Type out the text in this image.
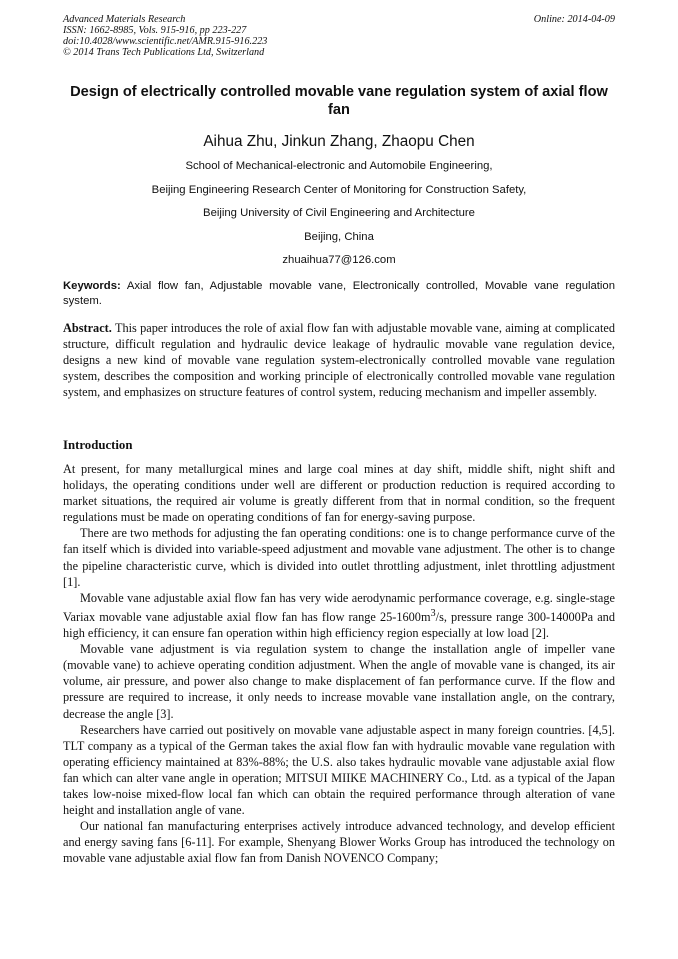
Advanced Materials Research
ISSN: 1662-8985, Vols. 915-916, pp 223-227
doi:10.4028/www.scientific.net/AMR.915-916.223
© 2014 Trans Tech Publications Ltd, Switzerland
Online: 2014-04-09
Design of electrically controlled movable vane regulation system of axial flow fan
Aihua Zhu, Jinkun Zhang, Zhaopu Chen
School of Mechanical-electronic and Automobile Engineering,
Beijing Engineering Research Center of Monitoring for Construction Safety,
Beijing University of Civil Engineering and Architecture
Beijing, China
zhuaihua77@126.com
Keywords: Axial flow fan, Adjustable movable vane, Electronically controlled, Movable vane regulation system.
Abstract. This paper introduces the role of axial flow fan with adjustable movable vane, aiming at complicated structure, difficult regulation and hydraulic device leakage of hydraulic movable vane regulation device, designs a new kind of movable vane regulation system-electronically controlled movable vane regulation system, describes the composition and working principle of electronically controlled movable vane regulation system, and emphasizes on structure features of control system, reducing mechanism and impeller assembly.
Introduction

At present, for many metallurgical mines and large coal mines at day shift, middle shift, night shift and holidays, the operating conditions under well are different or production reduction is required according to market situations, the required air volume is greatly different from that in normal condition, so the frequent regulations must be made on operating conditions of fan for energy-saving purpose.

There are two methods for adjusting the fan operating conditions: one is to change performance curve of the fan itself which is divided into variable-speed adjustment and movable vane adjustment. The other is to change the pipeline characteristic curve, which is divided into outlet throttling adjustment, inlet throttling adjustment [1].

Movable vane adjustable axial flow fan has very wide aerodynamic performance coverage, e.g. single-stage Variax movable vane adjustable axial flow fan has flow range $25-1600m^3/s$, pressure range 300-14000Pa and high efficiency, it can ensure fan operation within high efficiency region especially at low load [2].

Movable vane adjustment is via regulation system to change the installation angle of impeller vane (movable vane) to achieve operating condition adjustment. When the angle of movable vane is changed, its air volume, air pressure, and power also change to make displacement of fan performance curve. If the flow and pressure are required to increase, it only needs to increase movable vane installation angle, on the contrary, decrease the angle [3].

Researchers have carried out positively on movable vane adjustable aspect in many foreign countries. [4,5]. TLT company as a typical of the German takes the axial flow fan with hydraulic movable vane regulation with operating efficiency maintained at 83%-88%; the U.S. also takes hydraulic movable vane adjustable axial flow fan which can alter vane angle in operation; MITSUI MIIKE MACHINERY Co., Ltd. as a typical of the Japan takes low-noise mixed-flow local fan which can obtain the required performance through alteration of vane height and installation angle of vane.

Our national fan manufacturing enterprises actively introduce advanced technology, and develop efficient and energy saving fans [6-11]. For example, Shenyang Blower Works Group has introduced the technology on movable vane adjustable axial flow fan from Danish NOVENCO Company;
